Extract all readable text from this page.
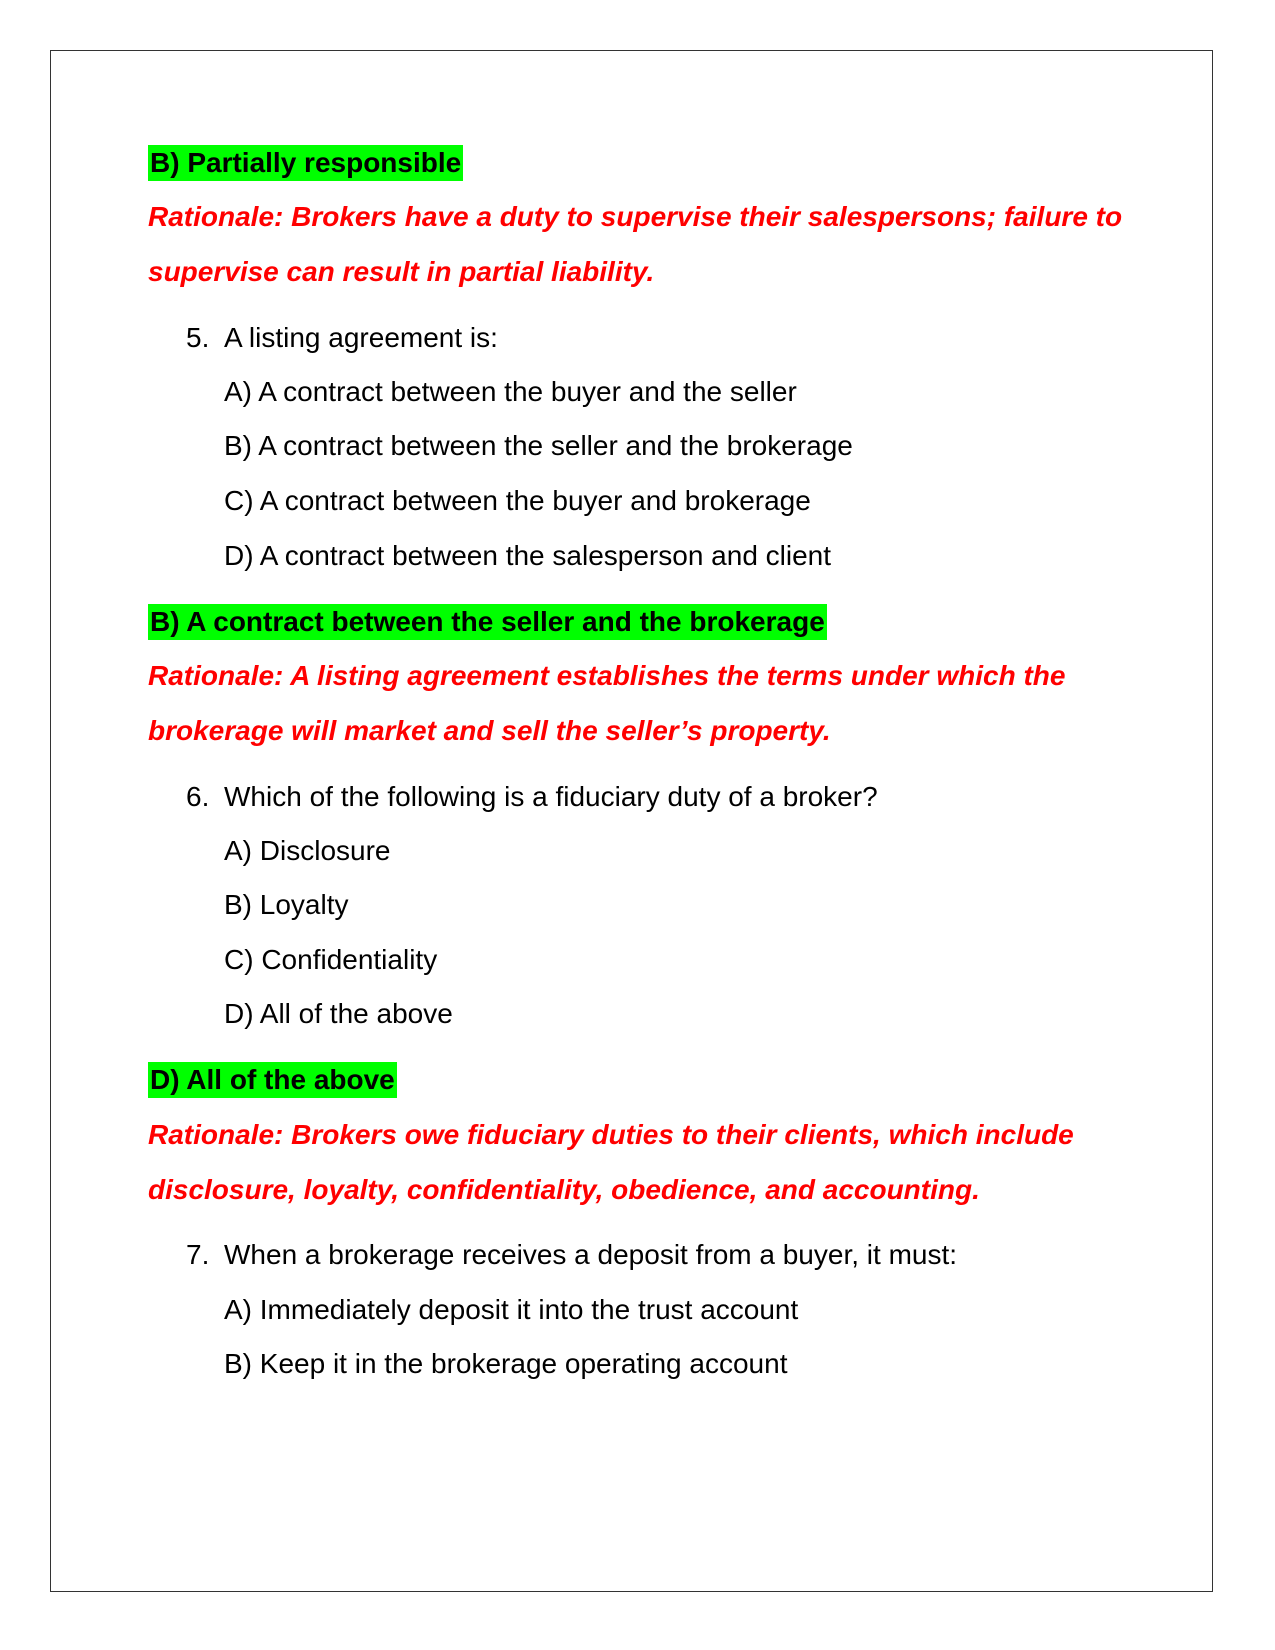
B) Partially responsible
Rationale: Brokers have a duty to supervise their salespersons; failure to
supervise can result in partial liability.
5. A listing agreement is:
A) A contract between the buyer and the seller
B) A contract between the seller and the brokerage
C) A contract between the buyer and brokerage
D) A contract between the salesperson and client
B) A contract between the seller and the brokerage
Rationale: A listing agreement establishes the terms under which the
brokerage will market and sell the seller’s property.
6. Which of the following is a fiduciary duty of a broker?
A) Disclosure
B) Loyalty
C) Confidentiality
D) All of the above
D) All of the above
Rationale: Brokers owe fiduciary duties to their clients, which include
disclosure, loyalty, confidentiality, obedience, and accounting.
7. When a brokerage receives a deposit from a buyer, it must:
A) Immediately deposit it into the trust account
B) Keep it in the brokerage operating account
